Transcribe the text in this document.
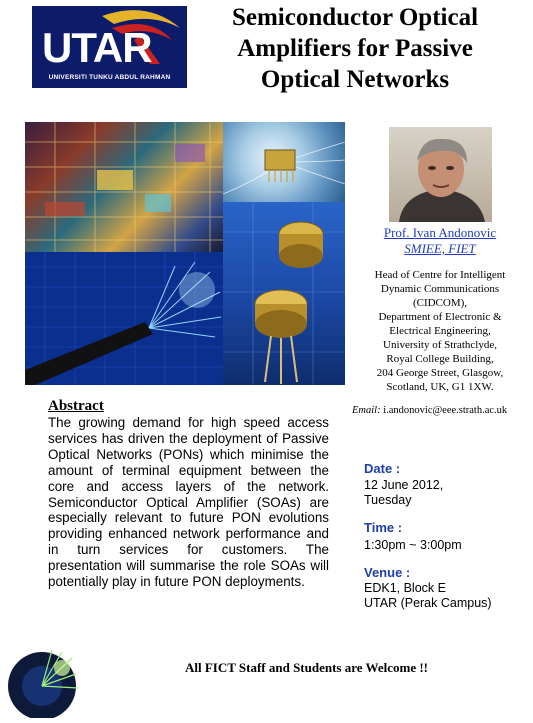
UTAR
UNIVERSITI TUNKU ABDUL RAHMAN
Semiconductor Optical
Amplifiers for Passive
Optical Networks
Prof. Ivan Andonovic
SMIEE, FIET
Head of Centre for Intelligent
Dynamic Communications
(CIDCOM),
Department of Electronic &
Electrical Engineering,
University of Strathclyde,
Royal College Building,
204 George Street, Glasgow,
Scotland, UK, G1 1XW.
Email: i.andonovic@eee.strath.ac.uk
Abstract
The growing demand for high speed access services has driven the deployment of Passive Optical Networks (PONs) which minimise the amount of terminal equipment between the core and access layers of the network. Semiconductor Optical Amplifier (SOAs) are especially relevant to future PON evolutions providing enhanced network performance and in turn services for customers. The presentation will summarise the role SOAs will potentially play in future PON deployments.
Date :
12 June 2012,
Tuesday
Time :
1:30pm ~ 3:00pm
Venue :
EDK1, Block E
UTAR (Perak Campus)
All FICT Staff and Students are Welcome !!
